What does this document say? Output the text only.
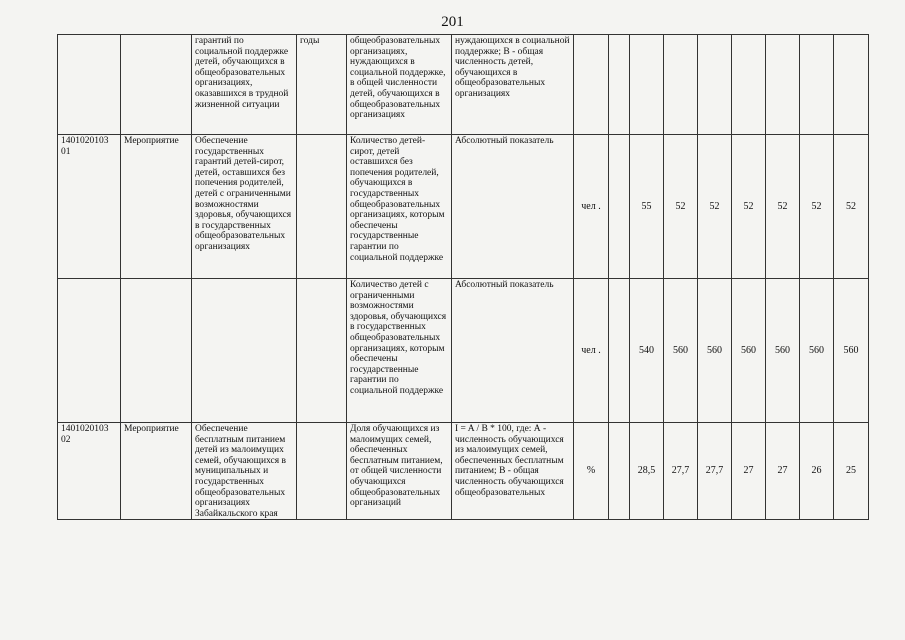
201
		гарантий по социальной поддержке детей, обучающихся в общеобразовательных организациях, оказавшихся в трудной жизненной ситуации	годы	общеобразовательных организациях, нуждающихся в социальной поддержке, в общей численности детей, обучающихся в общеобразовательных организациях	нуждающихся в социальной поддержке; В - общая численность детей, обучающихся в общеобразовательных организациях									
1401020103 01	Мероприятие	Обеспечение государственных гарантий детей-сирот, детей, оставшихся без попечения родителей, детей с ограниченными возможностями здоровья, обучающихся в государственных общеобразовательных организациях		Количество детей-сирот, детей оставшихся без попечения родителей, обучающихся в государственных общеобразовательных организациях, которым обеспечены государственные гарантии по социальной поддержке	Абсолютный показатель	чел .		55	52	52	52	52	52	52
				Количество детей с ограниченными возможностями здоровья, обучающихся в государственных общеобразовательных организациях, которым обеспечены государственные гарантии по социальной поддержке	Абсолютный показатель	чел .		540	560	560	560	560	560	560
1401020103 02	Мероприятие	Обеспечение бесплатным питанием детей из малоимущих семей, обучающихся в муниципальных и государственных общеобразовательных организациях Забайкальского края		Доля обучающихся из малоимущих семей, обеспеченных бесплатным питанием, от общей численности обучающихся общеобразовательных организаций	I = A / B * 100, где: А - численность обучающихся из малоимущих семей, обеспеченных бесплатным питанием; В - общая численность обучающихся общеобразовательных	%		28,5	27,7	27,7	27	27	26	25
